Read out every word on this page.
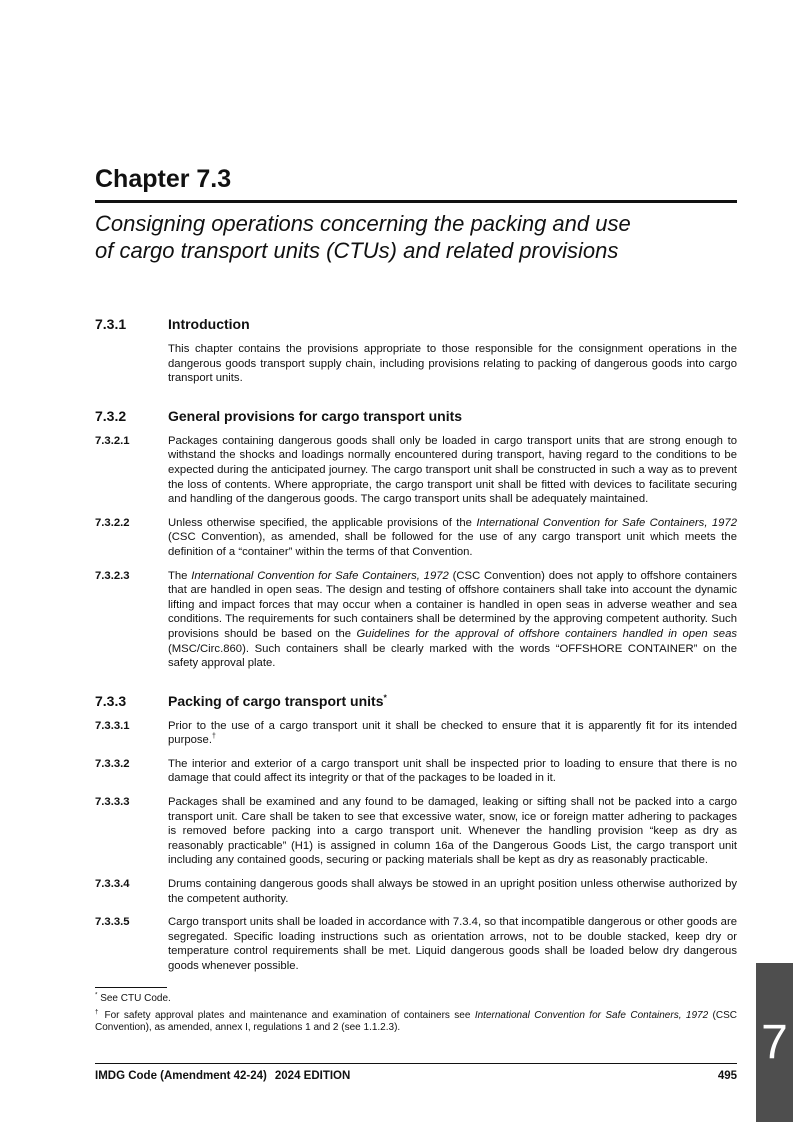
Chapter 7.3
Consigning operations concerning the packing and use
of cargo transport units (CTUs) and related provisions
7.3.1	Introduction

This chapter contains the provisions appropriate to those responsible for the consignment operations in the dangerous goods transport supply chain, including provisions relating to packing of dangerous goods into cargo transport units.

7.3.2	General provisions for cargo transport units
7.3.2.1	Packages containing dangerous goods shall only be loaded in cargo transport units that are strong enough to withstand the shocks and loadings normally encountered during transport, having regard to the conditions to be expected during the anticipated journey. The cargo transport unit shall be constructed in such a way as to prevent the loss of contents. Where appropriate, the cargo transport unit shall be fitted with devices to facilitate securing and handling of the dangerous goods. The cargo transport units shall be adequately maintained.

7.3.2.2	Unless otherwise specified, the applicable provisions of the International Convention for Safe Containers, 1972 (CSC Convention), as amended, shall be followed for the use of any cargo transport unit which meets the definition of a “container” within the terms of that Convention.

7.3.2.3	The International Convention for Safe Containers, 1972 (CSC Convention) does not apply to offshore containers that are handled in open seas. The design and testing of offshore containers shall take into account the dynamic lifting and impact forces that may occur when a container is handled in open seas in adverse weather and sea conditions. The requirements for such containers shall be determined by the approving competent authority. Such provisions should be based on the Guidelines for the approval of offshore containers handled in open seas (MSC/Circ.860). Such containers shall be clearly marked with the words “OFFSHORE CONTAINER” on the safety approval plate.

7.3.3	Packing of cargo transport units*
7.3.3.1	Prior to the use of a cargo transport unit it shall be checked to ensure that it is apparently fit for its intended purpose.†

7.3.3.2	The interior and exterior of a cargo transport unit shall be inspected prior to loading to ensure that there is no damage that could affect its integrity or that of the packages to be loaded in it.

7.3.3.3	Packages shall be examined and any found to be damaged, leaking or sifting shall not be packed into a cargo transport unit. Care shall be taken to see that excessive water, snow, ice or foreign matter adhering to packages is removed before packing into a cargo transport unit. Whenever the handling provision “keep as dry as reasonably practicable” (H1) is assigned in column 16a of the Dangerous Goods List, the cargo transport unit including any contained goods, securing or packing materials shall be kept as dry as reasonably practicable.

7.3.3.4	Drums containing dangerous goods shall always be stowed in an upright position unless otherwise authorized by the competent authority.

7.3.3.5	Cargo transport units shall be loaded in accordance with 7.3.4, so that incompatible dangerous or other goods are segregated. Specific loading instructions such as orientation arrows, not to be double stacked, keep dry or temperature control requirements shall be met. Liquid dangerous goods shall be loaded below dry dangerous goods whenever possible.

* See CTU Code.
† For safety approval plates and maintenance and examination of containers see International Convention for Safe Containers, 1972 (CSC Convention), as amended, annex I, regulations 1 and 2 (see 1.1.2.3).
IMDG Code (Amendment 42-24) 2024 EDITION	495
7
